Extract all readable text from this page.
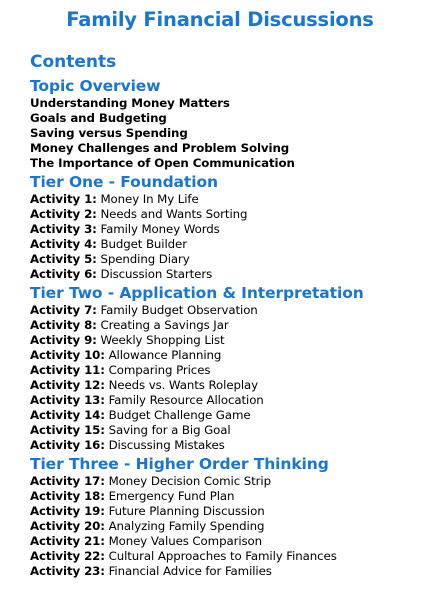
Family Financial Discussions
Contents
Topic Overview
Understanding Money Matters
Goals and Budgeting
Saving versus Spending
Money Challenges and Problem Solving
The Importance of Open Communication
Tier One - Foundation
Activity 1: Money In My Life
Activity 2: Needs and Wants Sorting
Activity 3: Family Money Words
Activity 4: Budget Builder
Activity 5: Spending Diary
Activity 6: Discussion Starters
Tier Two - Application & Interpretation
Activity 7: Family Budget Observation
Activity 8: Creating a Savings Jar
Activity 9: Weekly Shopping List
Activity 10: Allowance Planning
Activity 11: Comparing Prices
Activity 12: Needs vs. Wants Roleplay
Activity 13: Family Resource Allocation
Activity 14: Budget Challenge Game
Activity 15: Saving for a Big Goal
Activity 16: Discussing Mistakes
Tier Three - Higher Order Thinking
Activity 17: Money Decision Comic Strip
Activity 18: Emergency Fund Plan
Activity 19: Future Planning Discussion
Activity 20: Analyzing Family Spending
Activity 21: Money Values Comparison
Activity 22: Cultural Approaches to Family Finances
Activity 23: Financial Advice for Families
